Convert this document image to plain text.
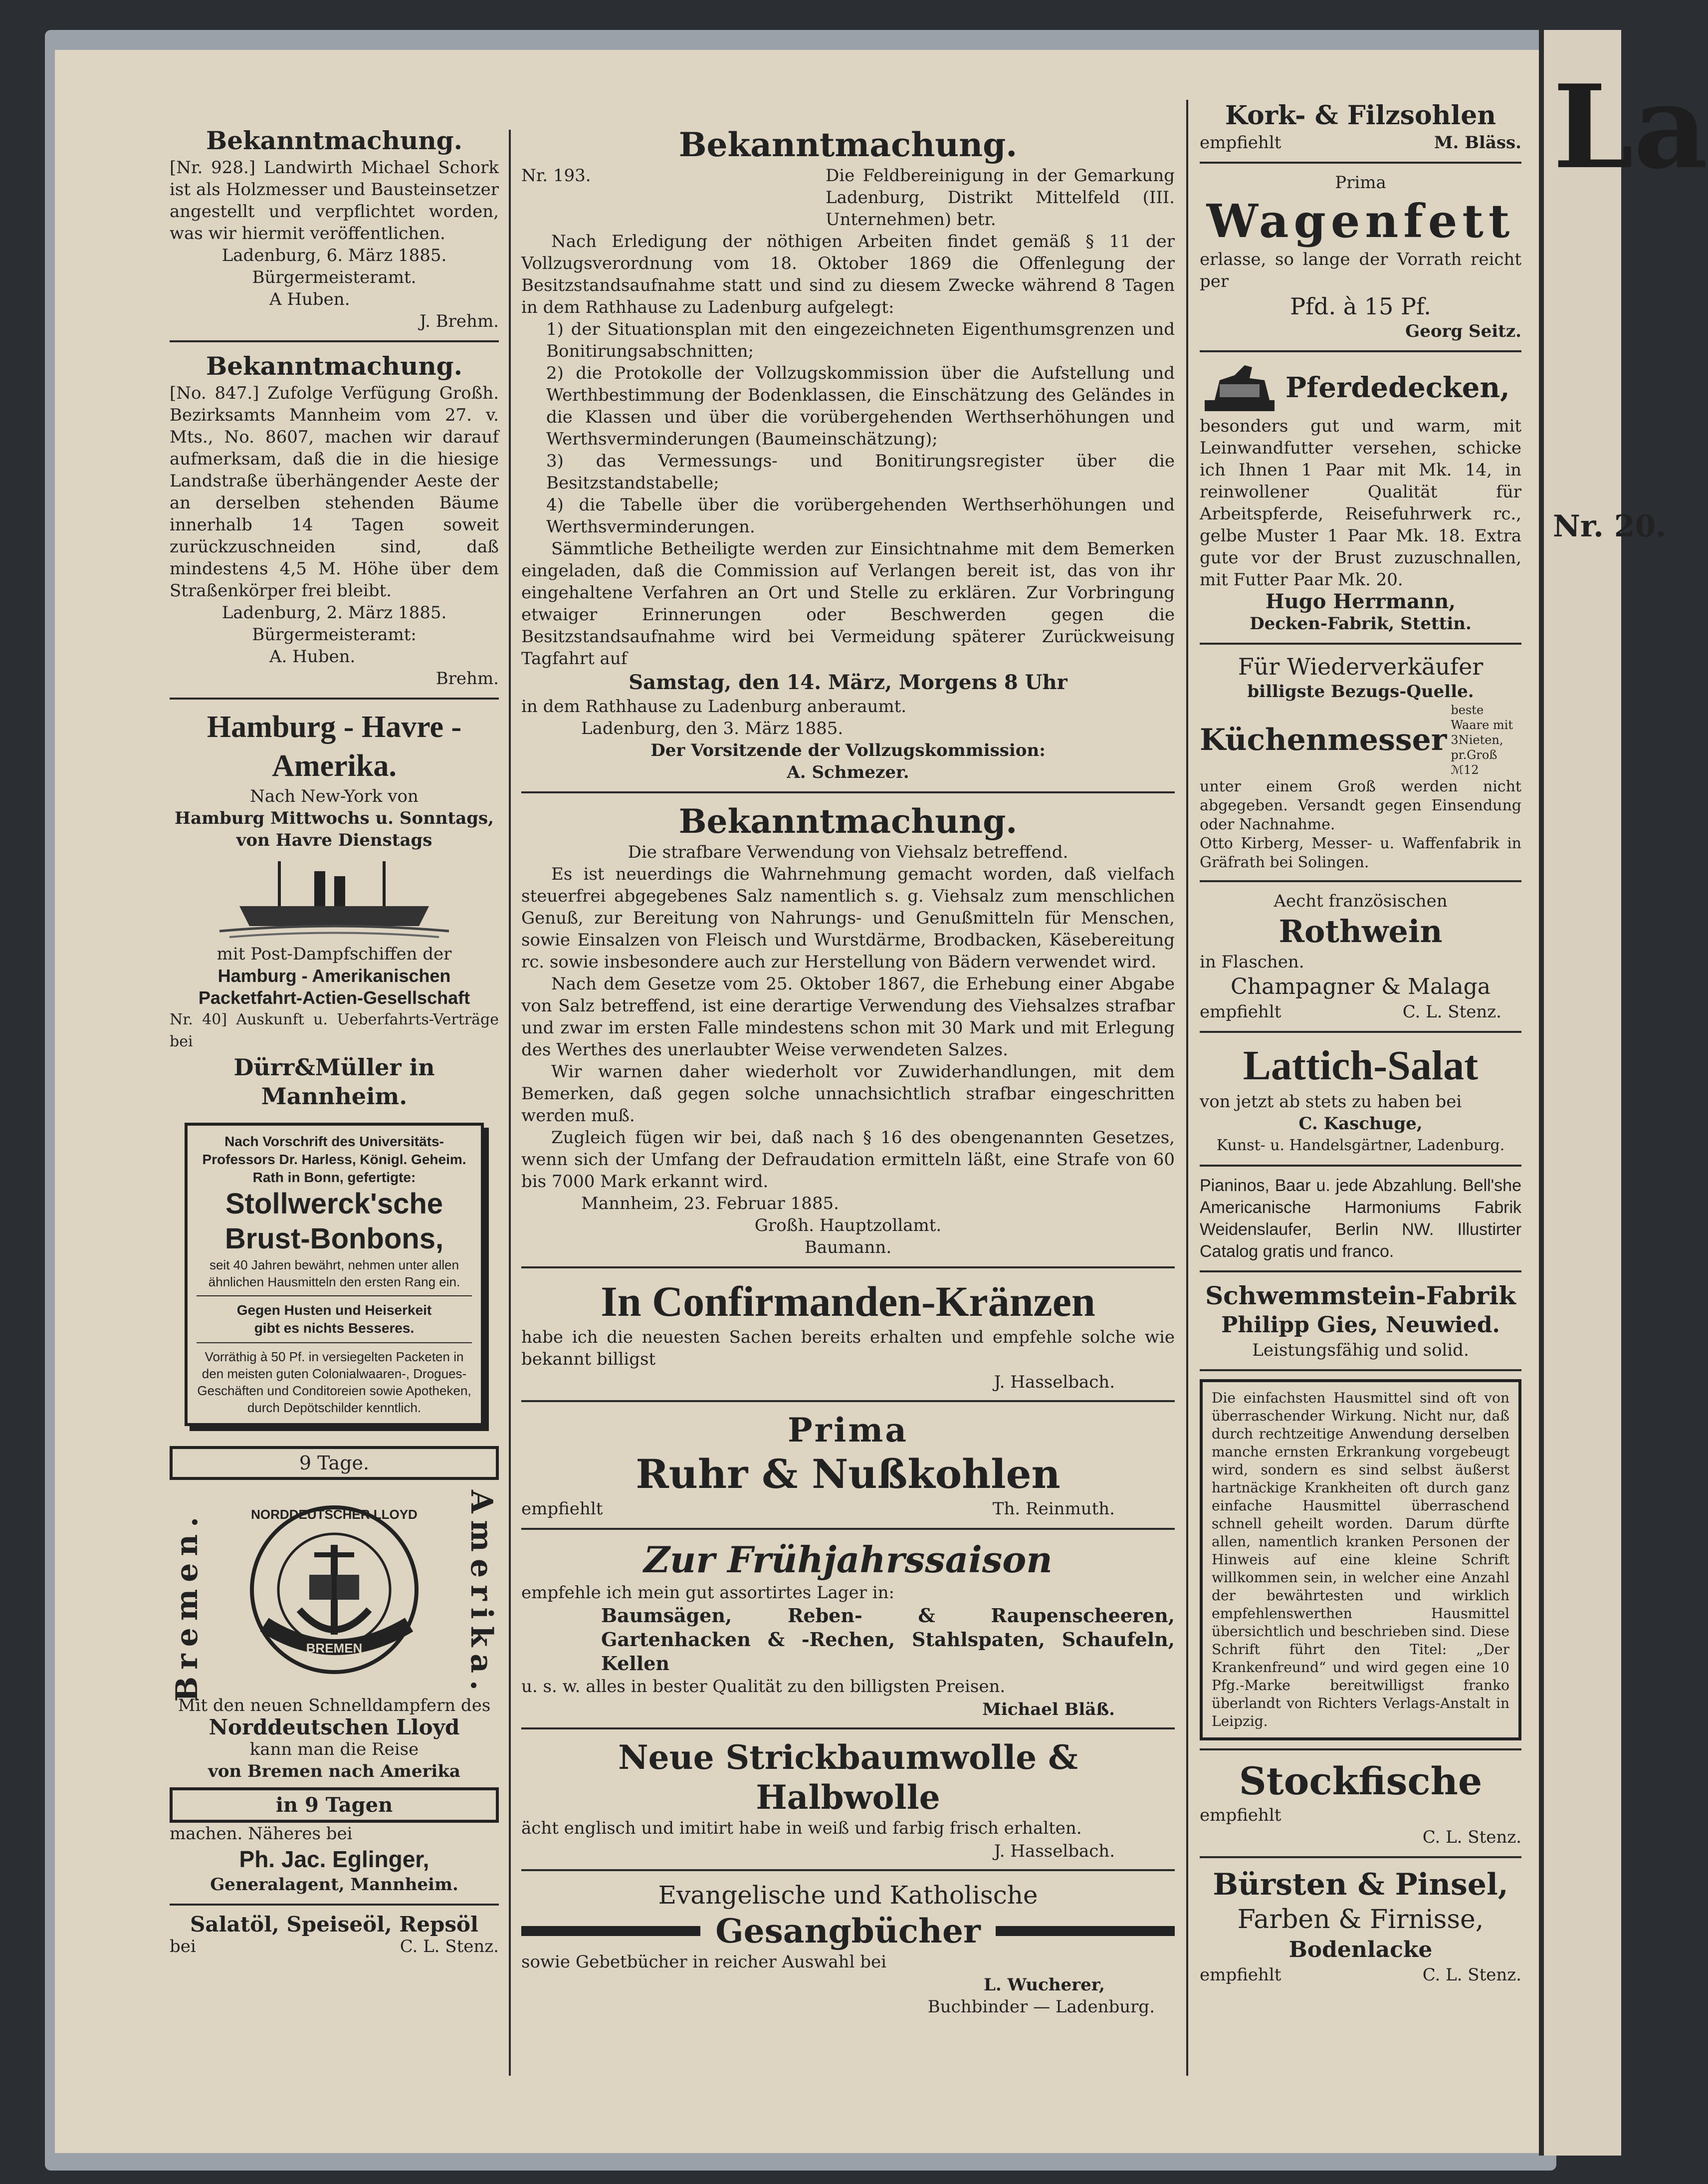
La
Nr. 20.
Bekanntmachung.

[Nr. 928.] Landwirth Michael Schork ist als Holzmesser und Bausteinsetzer angestellt und verpflichtet worden, was wir hiermit veröffentlichen.

Ladenburg, 6. März 1885.

Bürgermeisteramt.

A Huben.

J. Brehm.

Bekanntmachung.

[No. 847.] Zufolge Verfügung Großh. Bezirksamts Mannheim vom 27. v. Mts., No. 8607, machen wir darauf aufmerksam, daß die in die hiesige Landstraße überhängender Aeste der an derselben stehenden Bäume innerhalb 14 Tagen soweit zurückzuschneiden sind, daß mindestens 4,5 M. Höhe über dem Straßenkörper frei bleibt.

Ladenburg, 2. März 1885.

Bürgermeisteramt:

A. Huben.

Brehm.

Hamburg - Havre - Amerika.

Nach New-York von

Hamburg Mittwochs u. Sonntags,

von Havre Dienstags

mit Post-Dampfschiffen der

Hamburg - Amerikanischen

Packetfahrt-Actien-Gesellschaft

Nr. 40] Auskunft u. Ueberfahrts-Verträge bei

Dürr&Müller in Mannheim.

Nach Vorschrift des Universitäts-Professors Dr. Harless, Königl. Geheim. Rath in Bonn, gefertigte:

Stollwerck'sche

Brust-Bonbons,

seit 40 Jahren bewährt, nehmen unter allen ähnlichen Hausmitteln den ersten Rang ein.

Gegen Husten und Heiserkeit

gibt es nichts Besseres.

Vorräthig à 50 Pf. in versiegelten Packeten in den meisten guten Colonialwaaren-, Drogues-Geschäften und Conditoreien sowie Apotheken, durch Depötschilder kenntlich.

9 Tage.
Bremen.	Amerika.
NORDDEUTSCHER LLOYD
BREMEN

Mit den neuen Schnelldampfern des

Norddeutschen Lloyd

kann man die Reise

von Bremen nach Amerika

in 9 Tagen

machen. Näheres bei

Ph. Jac. Eglinger,

Generalagent, Mannheim.

Salatöl, Speiseöl, Repsöl

bei	C. L. Stenz.
Bekanntmachung.
Nr. 193.	Die Feldbereinigung in der Gemarkung Ladenburg, Distrikt Mittelfeld (III. Unternehmen) betr.

Nach Erledigung der nöthigen Arbeiten findet gemäß § 11 der Vollzugsverordnung vom 18. Oktober 1869 die Offenlegung der Besitzstandsaufnahme statt und sind zu diesem Zwecke während 8 Tagen in dem Rathhause zu Ladenburg aufgelegt:

1) der Situationsplan mit den eingezeichneten Eigenthumsgrenzen und Bonitirungsabschnitten;

2) die Protokolle der Vollzugskommission über die Aufstellung und Werthbestimmung der Bodenklassen, die Einschätzung des Geländes in die Klassen und über die vorübergehenden Werthserhöhungen und Werthsverminderungen (Baumeinschätzung);

3) das Vermessungs- und Bonitirungsregister über die Besitzstandstabelle;

4) die Tabelle über die vorübergehenden Werthserhöhungen und Werthsverminderungen.

Sämmtliche Betheiligte werden zur Einsichtnahme mit dem Bemerken eingeladen, daß die Commission auf Verlangen bereit ist, das von ihr eingehaltene Verfahren an Ort und Stelle zu erklären. Zur Vorbringung etwaiger Erinnerungen oder Beschwerden gegen die Besitzstandsaufnahme wird bei Vermeidung späterer Zurückweisung Tagfahrt auf

Samstag, den 14. März, Morgens 8 Uhr

in dem Rathhause zu Ladenburg anberaumt.

Ladenburg, den 3. März 1885.

Der Vorsitzende der Vollzugskommission:

A. Schmezer.

Bekanntmachung.

Die strafbare Verwendung von Viehsalz betreffend.

Es ist neuerdings die Wahrnehmung gemacht worden, daß vielfach steuerfrei abgegebenes Salz namentlich s. g. Viehsalz zum menschlichen Genuß, zur Bereitung von Nahrungs- und Genußmitteln für Menschen, sowie Einsalzen von Fleisch und Wurstdärme, Brodbacken, Käsebereitung rc. sowie insbesondere auch zur Herstellung von Bädern verwendet wird.

Nach dem Gesetze vom 25. Oktober 1867, die Erhebung einer Abgabe von Salz betreffend, ist eine derartige Verwendung des Viehsalzes strafbar und zwar im ersten Falle mindestens schon mit 30 Mark und mit Erlegung des Werthes des unerlaubter Weise verwendeten Salzes.

Wir warnen daher wiederholt vor Zuwiderhandlungen, mit dem Bemerken, daß gegen solche unnachsichtlich strafbar eingeschritten werden muß.

Zugleich fügen wir bei, daß nach § 16 des obengenannten Gesetzes, wenn sich der Umfang der Defraudation ermitteln läßt, eine Strafe von 60 bis 7000 Mark erkannt wird.

Mannheim, 23. Februar 1885.

Großh. Hauptzollamt.

Baumann.

In Confirmanden-Kränzen

habe ich die neuesten Sachen bereits erhalten und empfehle solche wie bekannt billigst

J. Hasselbach.

Prima
Ruhr & Nußkohlen
empfiehlt	Th. Reinmuth.
Zur Frühjahrssaison

empfehle ich mein gut assortirtes Lager in:

Baumsägen, Reben- & Raupenscheeren, Gartenhacken & -Rechen, Stahlspaten, Schaufeln, Kellen

u. s. w. alles in bester Qualität zu den billigsten Preisen.

Michael Bläß.

Neue Strickbaumwolle & Halbwolle

ächt englisch und imitirt habe in weiß und farbig frisch erhalten.

J. Hasselbach.

Evangelische und Katholische

Gesangbücher

sowie Gebetbücher in reicher Auswahl bei

L. Wucherer,

Buchbinder — Ladenburg.

Kork- & Filzsohlen
empfiehlt	M. Bläss.

Prima

Wagenfett

erlasse, so lange der Vorrath reicht per

Pfd. à 15 Pf.

Georg Seitz.

Pferdedecken,

besonders gut und warm, mit Leinwandfutter versehen, schicke ich Ihnen 1 Paar mit Mk. 14, in reinwollener Qualität für Arbeitspferde, Reisefuhrwerk rc., gelbe Muster 1 Paar Mk. 18. Extra gute vor der Brust zuzuschnallen, mit Futter Paar Mk. 20.

Hugo Herrmann,

Decken-Fabrik, Stettin.

Für Wiederverkäufer

billigste Bezugs-Quelle.

Küchenmesser
beste Waare mit 3Nieten, pr.Groß ℳ12

unter einem Groß werden nicht abgegeben. Versandt gegen Einsendung oder Nachnahme.

Otto Kirberg, Messer- u. Waffenfabrik in Gräfrath bei Solingen.

Aecht französischen

Rothwein

in Flaschen.

Champagner & Malaga

empfiehlt	C. L. Stenz.
Lattich-Salat

von jetzt ab stets zu haben bei

C. Kaschuge,

Kunst- u. Handelsgärtner, Ladenburg.

Pianinos, Baar u. jede Abzahlung. Bell'she Americanische Harmoniums Fabrik Weidenslaufer, Berlin NW. Illustirter Catalog gratis und franco.

Schwemmstein-Fabrik
Philipp Gies, Neuwied.

Leistungsfähig und solid.

Die einfachsten Hausmittel sind oft von überraschender Wirkung. Nicht nur, daß durch rechtzeitige Anwendung derselben manche ernsten Erkrankung vorgebeugt wird, sondern es sind selbst äußerst hartnäckige Krankheiten oft durch ganz einfache Hausmittel überraschend schnell geheilt worden. Darum dürfte allen, namentlich kranken Personen der Hinweis auf eine kleine Schrift willkommen sein, in welcher eine Anzahl der bewährtesten und wirklich empfehlenswerthen Hausmittel übersichtlich und beschrieben sind. Diese Schrift führt den Titel: „Der Krankenfreund“ und wird gegen eine 10 Pfg.-Marke bereitwilligst franko überlandt von Richters Verlags-Anstalt in Leipzig.

Stockfische

empfiehlt

C. L. Stenz.

Bürsten & Pinsel,
Farben & Firnisse,
Bodenlacke
empfiehlt	C. L. Stenz.
